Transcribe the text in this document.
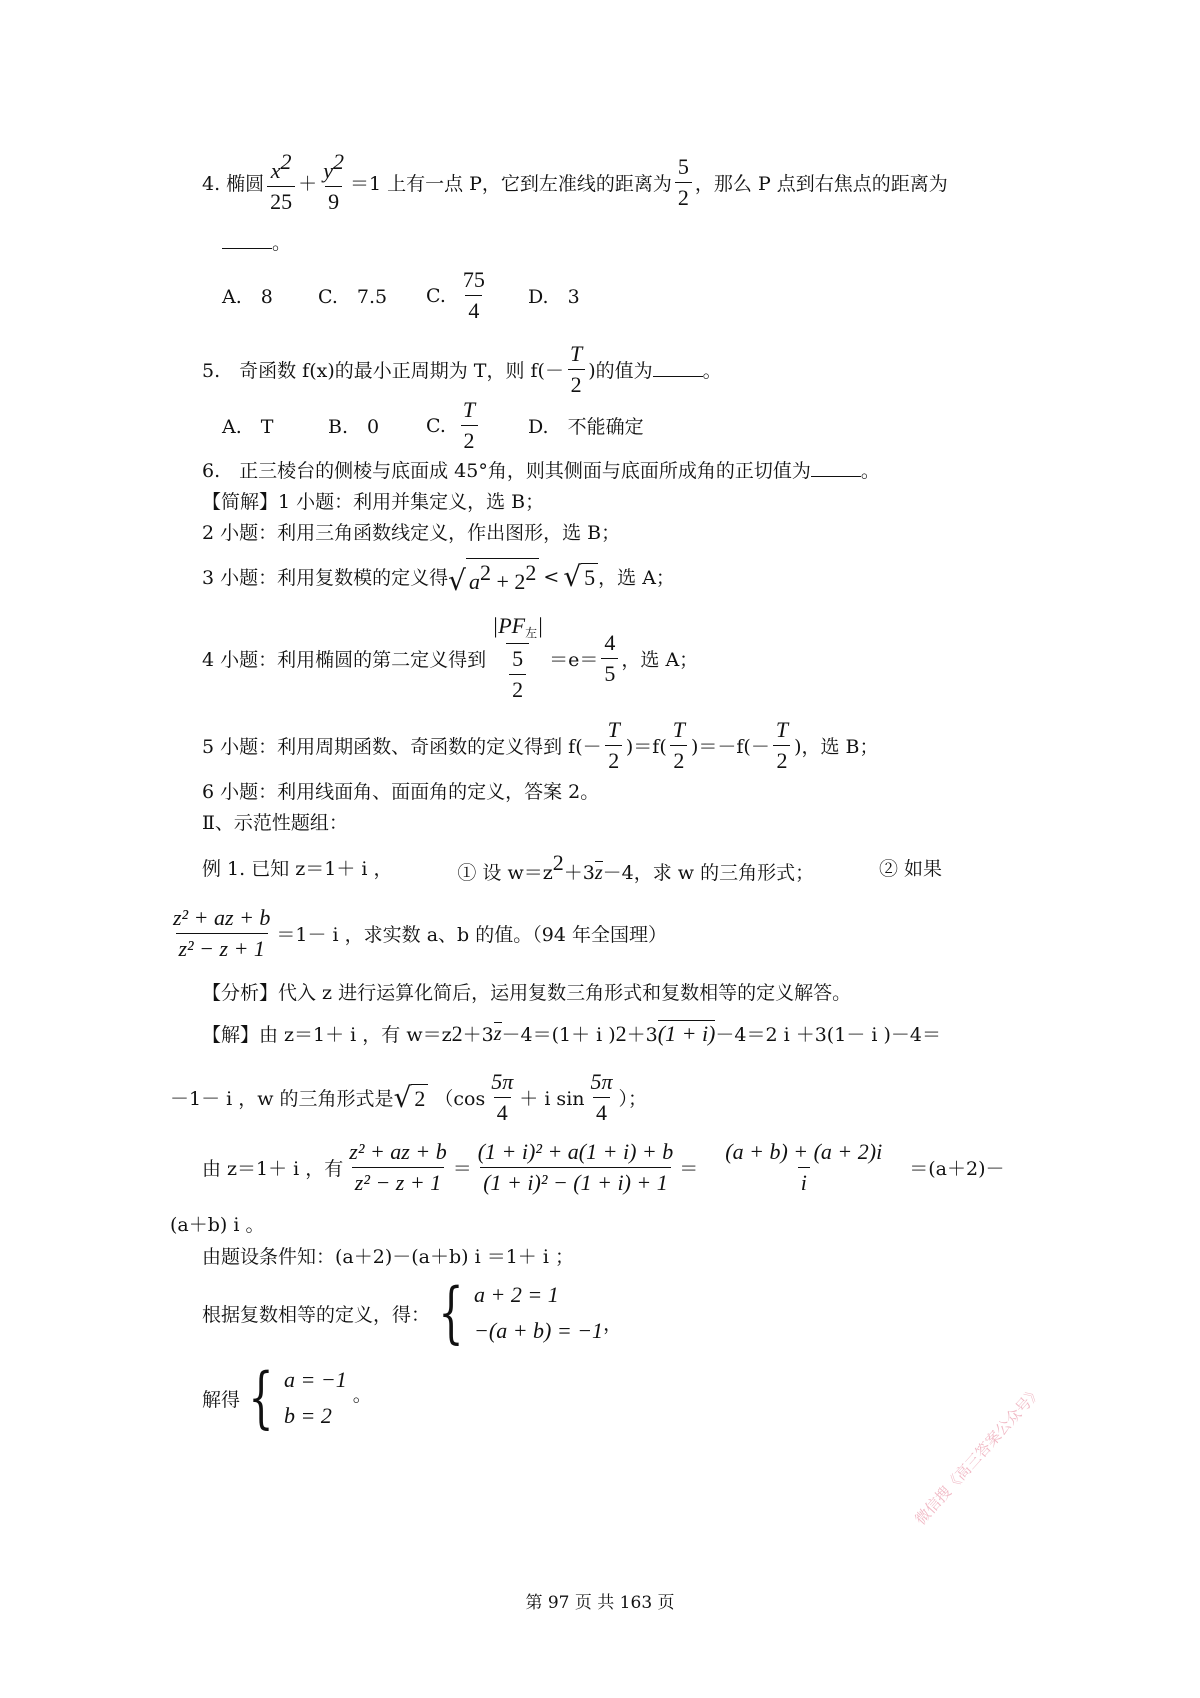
4. 椭圆 $\frac{x^2}{25} + \frac{y^2}{9} =1$ 上有一点 P，它到左准线的距离为 $\frac{5}{2}$ ，那么 P 点到右焦点的距离为
。
A.　8	C.　7.5	C. $\frac{75}{4} D$.　3
5.　奇函数 f(x)的最小正周期为 T，则 $f(- \frac{T}{2}$ )的值为	。
A.　T	B.　0	C. $\frac{T}{2}$	D.　不能确定
6.　正三棱台的侧棱与底面成 45°角，则其侧面与底面所成角的正切值为	。
【简解】1 小题：利用并集定义，选 B；
2 小题：利用三角函数线定义，作出图形，选 B；
3 小题：利用复数模的定义得 √ $a^2 + 2^2$ < √ 5 ，选 A；
4 小题：利用椭圆的第二定义得到 $\frac{|PF_左|}{\frac{5}{2}} =e= \frac{4}{5}$ ，选 A；
5 小题：利用周期函数、奇函数的定义得到 $f(- \frac{T}{2} )=f( \frac{T}{2} )=-f(- \frac{T}{2}$ )，选 B；
6 小题：利用线面角、面面角的定义，答案 2。
Ⅱ、示范性题组：
例 1. 已知 z＝1＋ i ，	① 设 $w=z^2+3z-4$，求 w 的三角形式；	② 如果
$\frac{\text{z² + az + b}}{\text{z² − z + 1}} =1- i$ ，求实数 a、b 的值。（94 年全国理）
【分析】代入 z 进行运算化简后，运用复数三角形式和复数相等的定义解答。
【解】由 z＝1＋ i ，有 w＝z 2 ＋3 z －4＝(1＋ i ) 2 ＋3 (1 + i) －4＝2 i ＋3(1－ i )－4＝
－1－ i ，w 的三角形式是 √ 2 （$\cos \frac{5\pi}{4} + i$ $\sin \frac{5\pi}{4}$ ）；
由 z＝1＋ i ，有 $\frac{\text{z² + az + b}}{\text{z² − z + 1}} = \frac{\text{(1 + i)² + a(1 + i) + b}}{\text{(1 + i)² − (1 + i) + 1}} = \frac{(a + b) + (a + 2)i}{i} =(a+2)-$
(a＋b) i 。
由题设条件知：(a＋2)－(a＋b) i ＝1＋ i ；
根据复数相等的定义，得： { a + 2 = 1
−(a + b) = −1 ，
解得 { a = −1
b = 2
。
第 97 页 共 163 页
微信搜《高三答案公众号》
